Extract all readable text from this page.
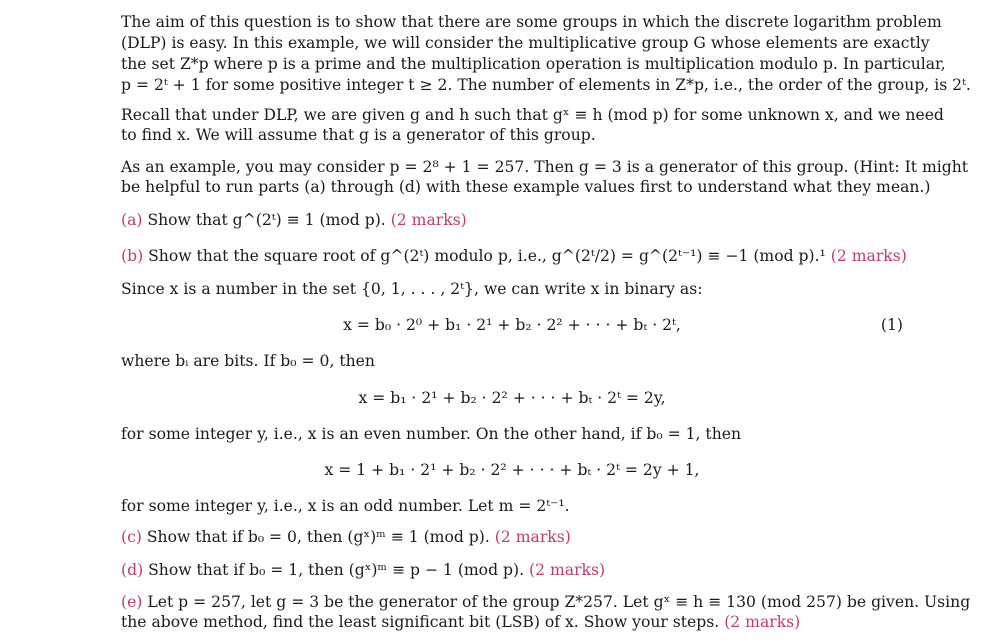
The aim of this question is to show that there are some groups in which the discrete logarithm problem
(DLP) is easy. In this example, we will consider the multiplicative group G whose elements are exactly
the set Z*p where p is a prime and the multiplication operation is multiplication modulo p. In particular,
p = 2ᵗ + 1 for some positive integer t ≥ 2. The number of elements in Z*p, i.e., the order of the group, is 2ᵗ.
Recall that under DLP, we are given g and h such that gˣ ≡ h (mod p) for some unknown x, and we need
to find x. We will assume that g is a generator of this group.
As an example, you may consider p = 2⁸ + 1 = 257. Then g = 3 is a generator of this group. (Hint: It might
be helpful to run parts (a) through (d) with these example values first to understand what they mean.)
(a) Show that g^(2ᵗ) ≡ 1 (mod p). (2 marks)
(b) Show that the square root of g^(2ᵗ) modulo p, i.e., g^(2ᵗ/2) = g^(2ᵗ⁻¹) ≡ −1 (mod p).¹ (2 marks)
Since x is a number in the set {0, 1, . . . , 2ᵗ}, we can write x in binary as:
x = b₀ · 2⁰ + b₁ · 2¹ + b₂ · 2² + · · · + bₜ · 2ᵗ,	(1)
where bᵢ are bits. If b₀ = 0, then
x = b₁ · 2¹ + b₂ · 2² + · · · + bₜ · 2ᵗ = 2y,
for some integer y, i.e., x is an even number. On the other hand, if b₀ = 1, then
x = 1 + b₁ · 2¹ + b₂ · 2² + · · · + bₜ · 2ᵗ = 2y + 1,
for some integer y, i.e., x is an odd number. Let m = 2ᵗ⁻¹.
(c) Show that if b₀ = 0, then (gˣ)ᵐ ≡ 1 (mod p). (2 marks)
(d) Show that if b₀ = 1, then (gˣ)ᵐ ≡ p − 1 (mod p). (2 marks)
(e) Let p = 257, let g = 3 be the generator of the group Z*257. Let gˣ ≡ h ≡ 130 (mod 257) be given. Using
the above method, find the least significant bit (LSB) of x. Show your steps. (2 marks)
